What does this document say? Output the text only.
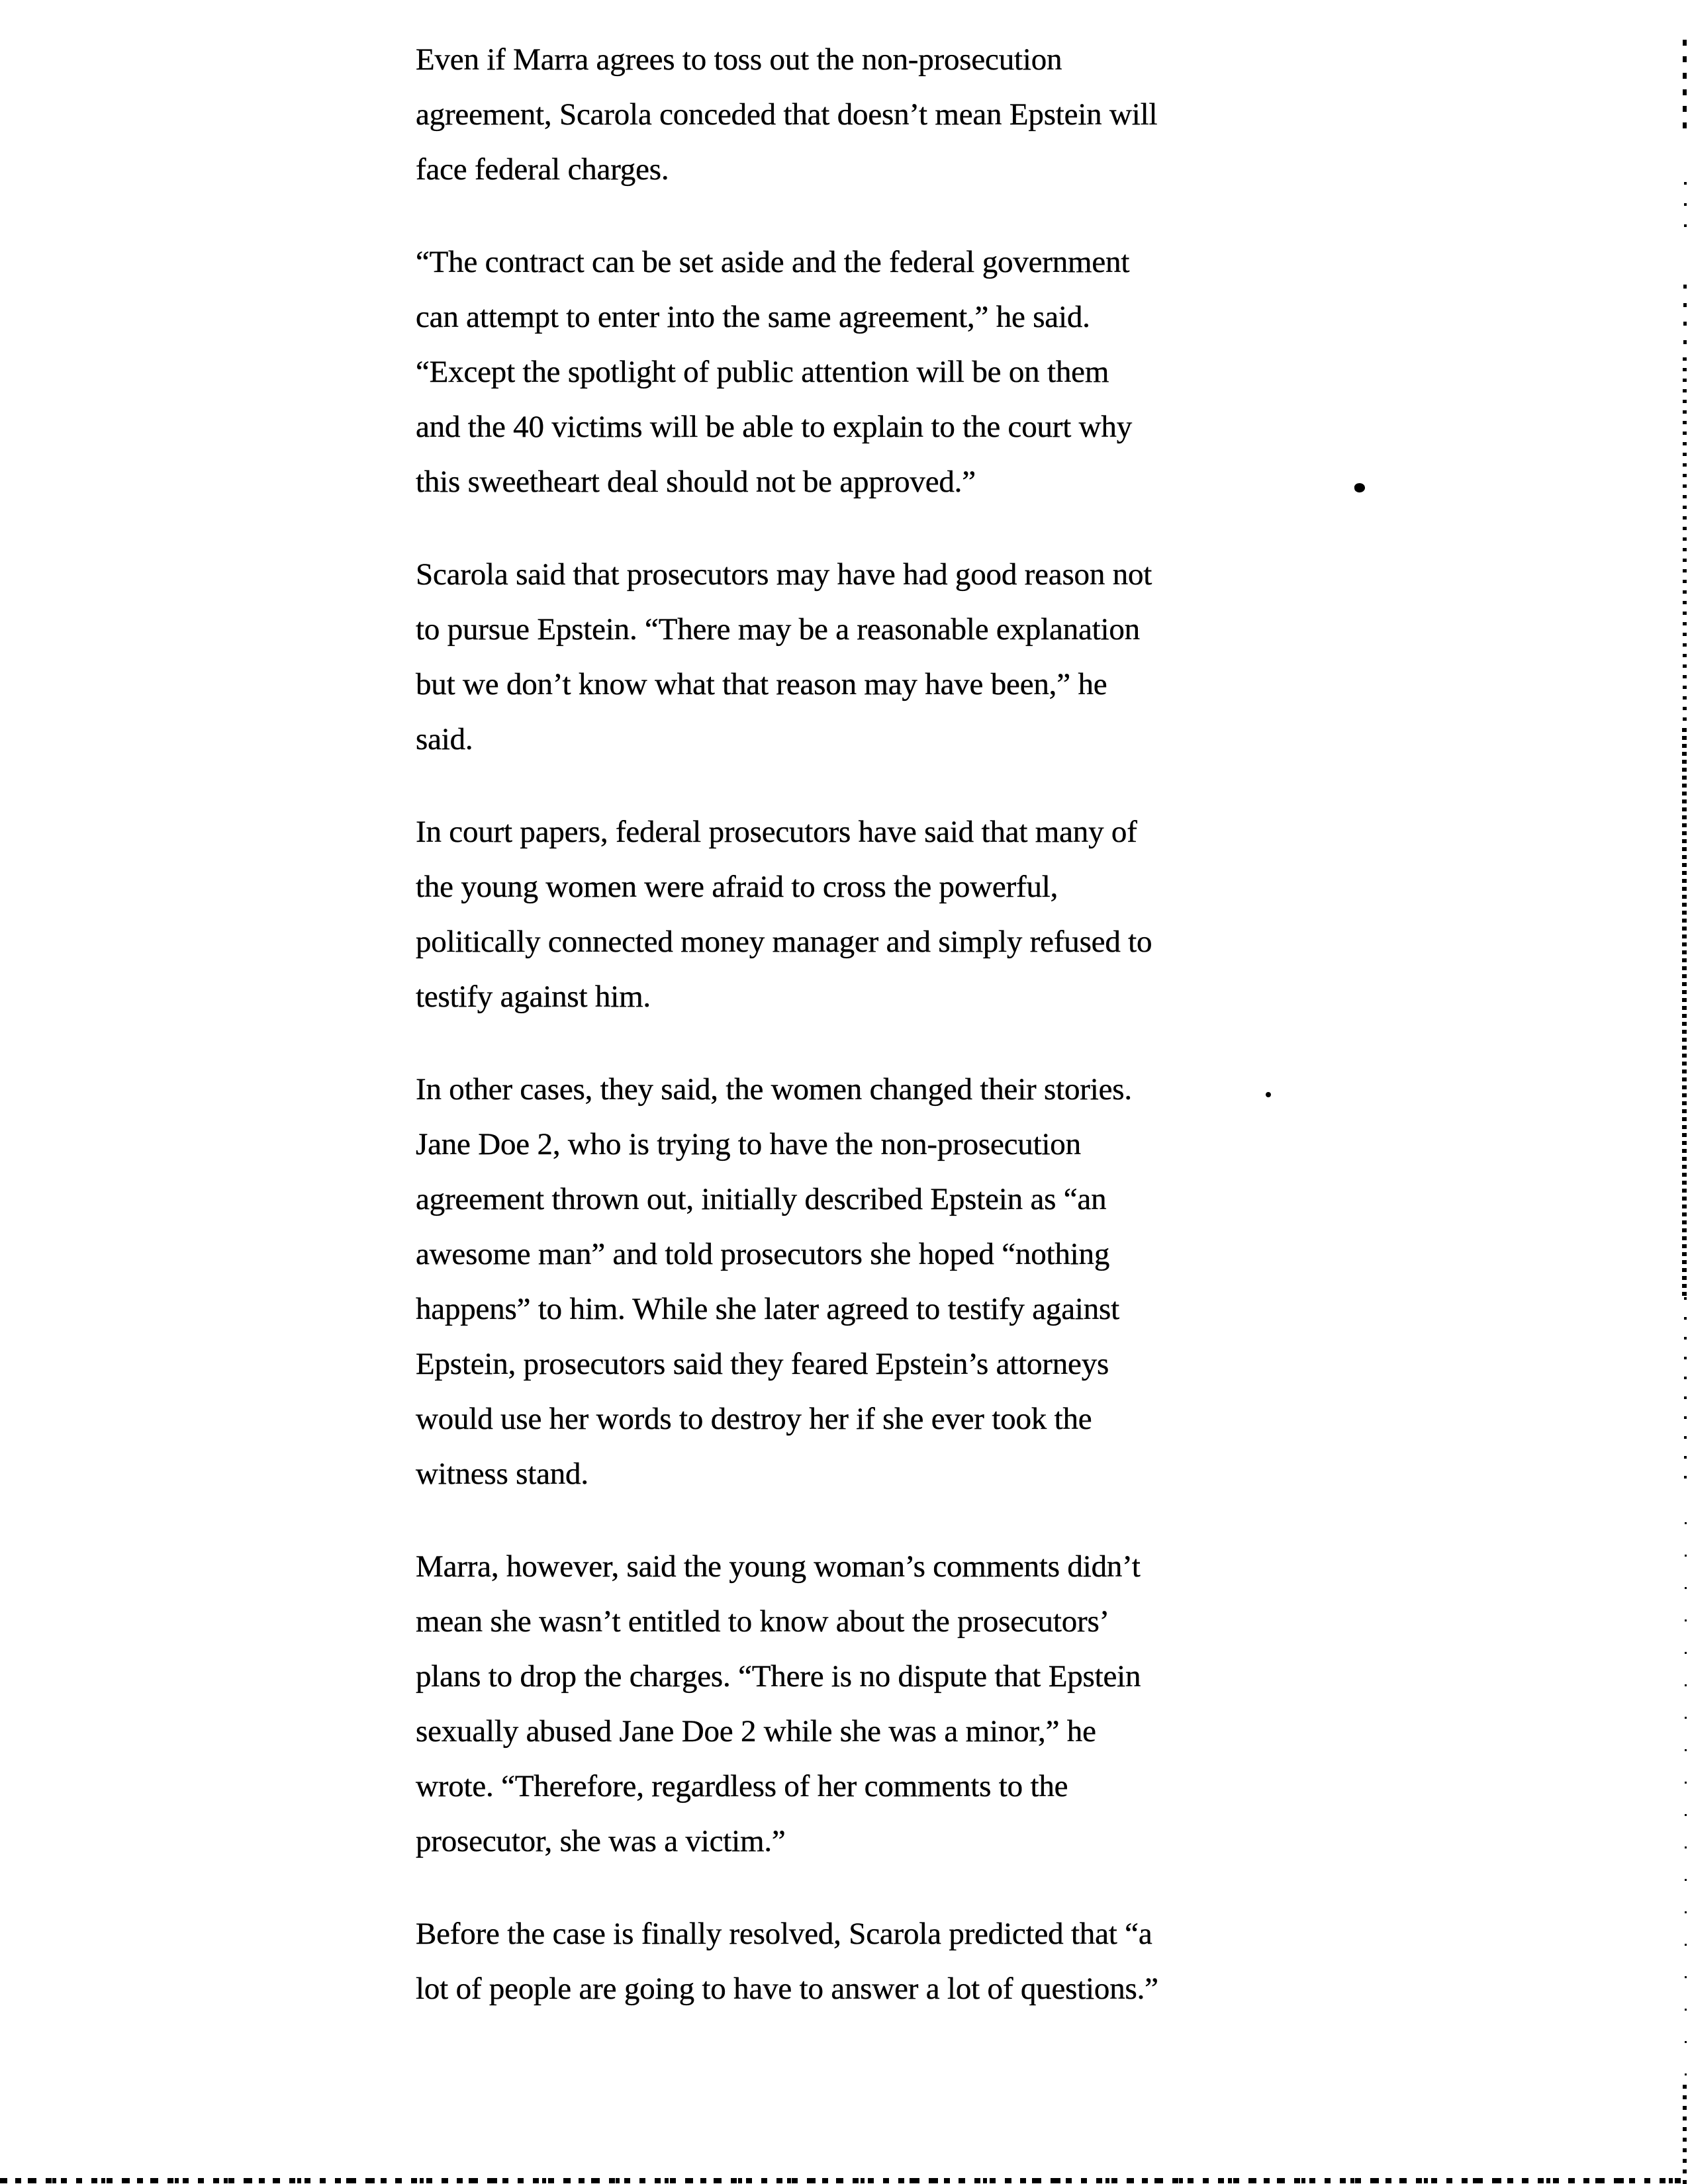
Even if Marra agrees to toss out the non-prosecution
agreement, Scarola conceded that doesn’t mean Epstein will
face federal charges.
“The contract can be set aside and the federal government
can attempt to enter into the same agreement,” he said.
“Except the spotlight of public attention will be on them
and the 40 victims will be able to explain to the court why
this sweetheart deal should not be approved.”
Scarola said that prosecutors may have had good reason not
to pursue Epstein. “There may be a reasonable explanation
but we don’t know what that reason may have been,” he
said.
In court papers, federal prosecutors have said that many of
the young women were afraid to cross the powerful,
politically connected money manager and simply refused to
testify against him.
In other cases, they said, the women changed their stories.
Jane Doe 2, who is trying to have the non-prosecution
agreement thrown out, initially described Epstein as “an
awesome man” and told prosecutors she hoped “nothing
happens” to him. While she later agreed to testify against
Epstein, prosecutors said they feared Epstein’s attorneys
would use her words to destroy her if she ever took the
witness stand.
Marra, however, said the young woman’s comments didn’t
mean she wasn’t entitled to know about the prosecutors’
plans to drop the charges. “There is no dispute that Epstein
sexually abused Jane Doe 2 while she was a minor,” he
wrote. “Therefore, regardless of her comments to the
prosecutor, she was a victim.”
Before the case is finally resolved, Scarola predicted that “a
lot of people are going to have to answer a lot of questions.”
